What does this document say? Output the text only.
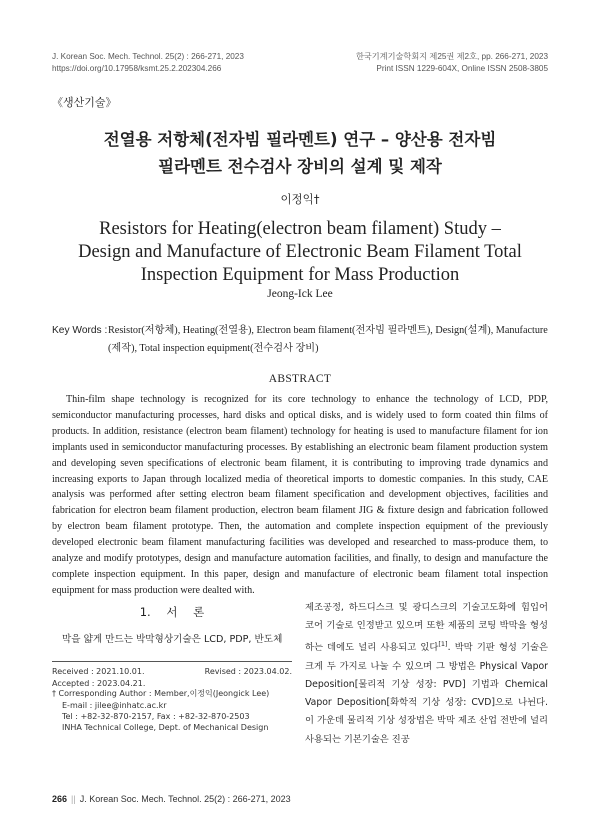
J. Korean Soc. Mech. Technol. 25(2) : 266-271, 2023
https://doi.org/10.17958/ksmt.25.2.202304.266
한국기계기술학회지 제25권 제2호, pp. 266-271, 2023
Print ISSN 1229-604X, Online ISSN 2508-3805
《생산기술》
전열용 저항체(전자빔 필라멘트) 연구 – 양산용 전자빔
필라멘트 전수검사 장비의 설계 및 제작
이정익†
Resistors for Heating(electron beam filament) Study –
Design and Manufacture of Electronic Beam Filament Total
Inspection Equipment for Mass Production
Jeong-Ick Lee
Key Words : Resistor(저항체), Heating(전열용), Electron beam filament(전자빔 필라멘트), Design(설계), Manufacture (제작), Total inspection equipment(전수검사 장비)
ABSTRACT
Thin-film shape technology is recognized for its core technology to enhance the technology of LCD, PDP, semiconductor manufacturing processes, hard disks and optical disks, and is widely used to form coated thin films of products. In addition, resistance (electron beam filament) technology for heating is used to manufacture filament for ion implants used in semiconductor manufacturing processes. By establishing an electronic beam filament production system and developing seven specifications of electronic beam filament, it is contributing to improving trade dynamics and increasing exports to Japan through localized media of theoretical imports to domestic companies. In this study, CAE analysis was performed after setting electron beam filament specification and development objectives, facilities and fabrication for electron beam filament production, electron beam filament JIG & fixture design and fabrication followed by electron beam filament prototype. Then, the automation and complete inspection equipment of the previously developed electronic beam filament manufacturing facilities was developed and researched to mass-produce them, to analyze and modify prototypes, design and manufacture automation facilities, and finally, to design and manufacture the complete inspection equipment. In this paper, design and manufacture of electronic beam filament total inspection equipment for mass production were dealted with.
1. 서 론
막을 얇게 만드는 박막형상기술은 LCD, PDP, 반도체
Received : 2021.10.01.	Revised : 2023.04.02.
Accepted : 2023.04.21.
† Corresponding Author : Member,이정익(Jeongick Lee)
E-mail : jilee@inhatc.ac.kr
Tel : +82-32-870-2157, Fax : +82-32-870-2503
INHA Technical College, Dept. of Mechanical Design
제조공정, 하드디스크 및 광디스크의 기술고도화에 힘입어 코어 기술로 인정받고 있으며 또한 제품의 코팅 박막을 형성하는 데에도 널리 사용되고 있다[1]. 박막 기판 형성 기술은 크게 두 가지로 나눌 수 있으며 그 방법은 Physical Vapor Deposition[물리적 기상 성장: PVD] 기법과 Chemical Vapor Deposition[화학적 기상 성장: CVD]으로 나뉜다. 이 가운데 물리적 기상 성장법은 박막 제조 산업 전반에 널리 사용되는 기본기술은 진공
266 || J. Korean Soc. Mech. Technol. 25(2) : 266-271, 2023
